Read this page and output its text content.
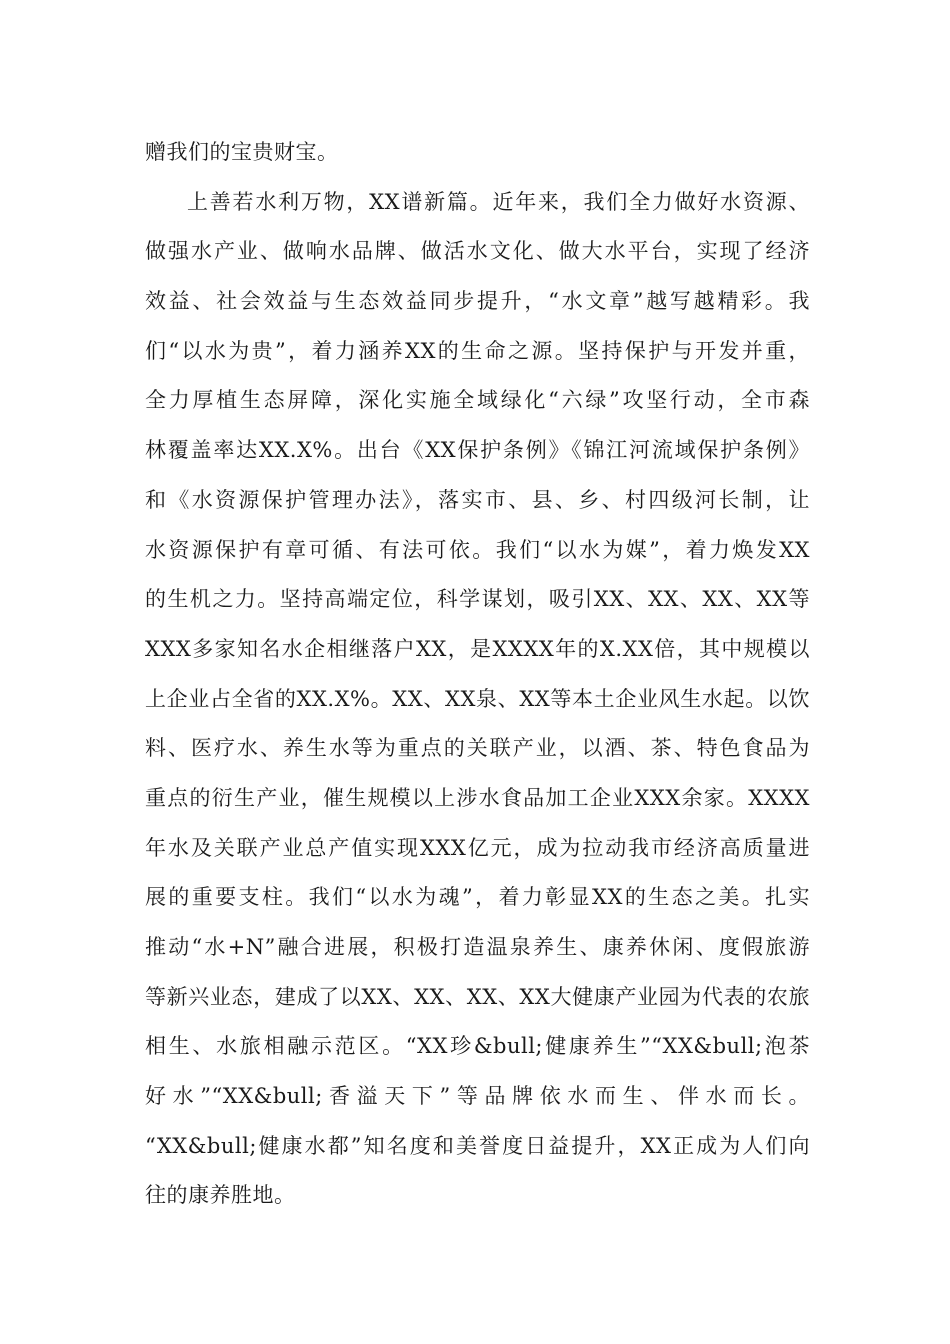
赠我们的宝贵财宝。
上善若水利万物，XX谱新篇。近年来，我们全力做好水资源、
做强水产业、做响水品牌、做活水文化、做大水平台，实现了经济
效益、社会效益与生态效益同步提升，“水文章”越写越精彩。我
们“以水为贵”，着力涵养XX的生命之源。坚持保护与开发并重，
全力厚植生态屏障，深化实施全域绿化“六绿”攻坚行动，全市森
林覆盖率达XX.X%。出台《XX保护条例》《锦江河流域保护条例》
和《水资源保护管理办法》，落实市、县、乡、村四级河长制，让
水资源保护有章可循、有法可依。我们“以水为媒”，着力焕发XX
的生机之力。坚持高端定位，科学谋划，吸引XX、XX、XX、XX等
XXX多家知名水企相继落户XX，是XXXX年的X.XX倍，其中规模以
上企业占全省的XX.X%。XX、XX泉、XX等本土企业风生水起。以饮
料、医疗水、养生水等为重点的关联产业，以酒、茶、特色食品为
重点的衍生产业，催生规模以上涉水食品加工企业XXX余家。XXXX
年水及关联产业总产值实现XXX亿元，成为拉动我市经济高质量进
展的重要支柱。我们“以水为魂”，着力彰显XX的生态之美。扎实
推动“水+N”融合进展，积极打造温泉养生、康养休闲、度假旅游
等新兴业态，建成了以XX、XX、XX、XX大健康产业园为代表的农旅
相生、水旅相融示范区。“XX珍&bull;健康养生”“XX&bull;泡茶
好水”“XX&bull;香溢天下”等品牌依水而生、伴水而长。
“XX&bull;健康水都”知名度和美誉度日益提升，XX正成为人们向
往的康养胜地。
